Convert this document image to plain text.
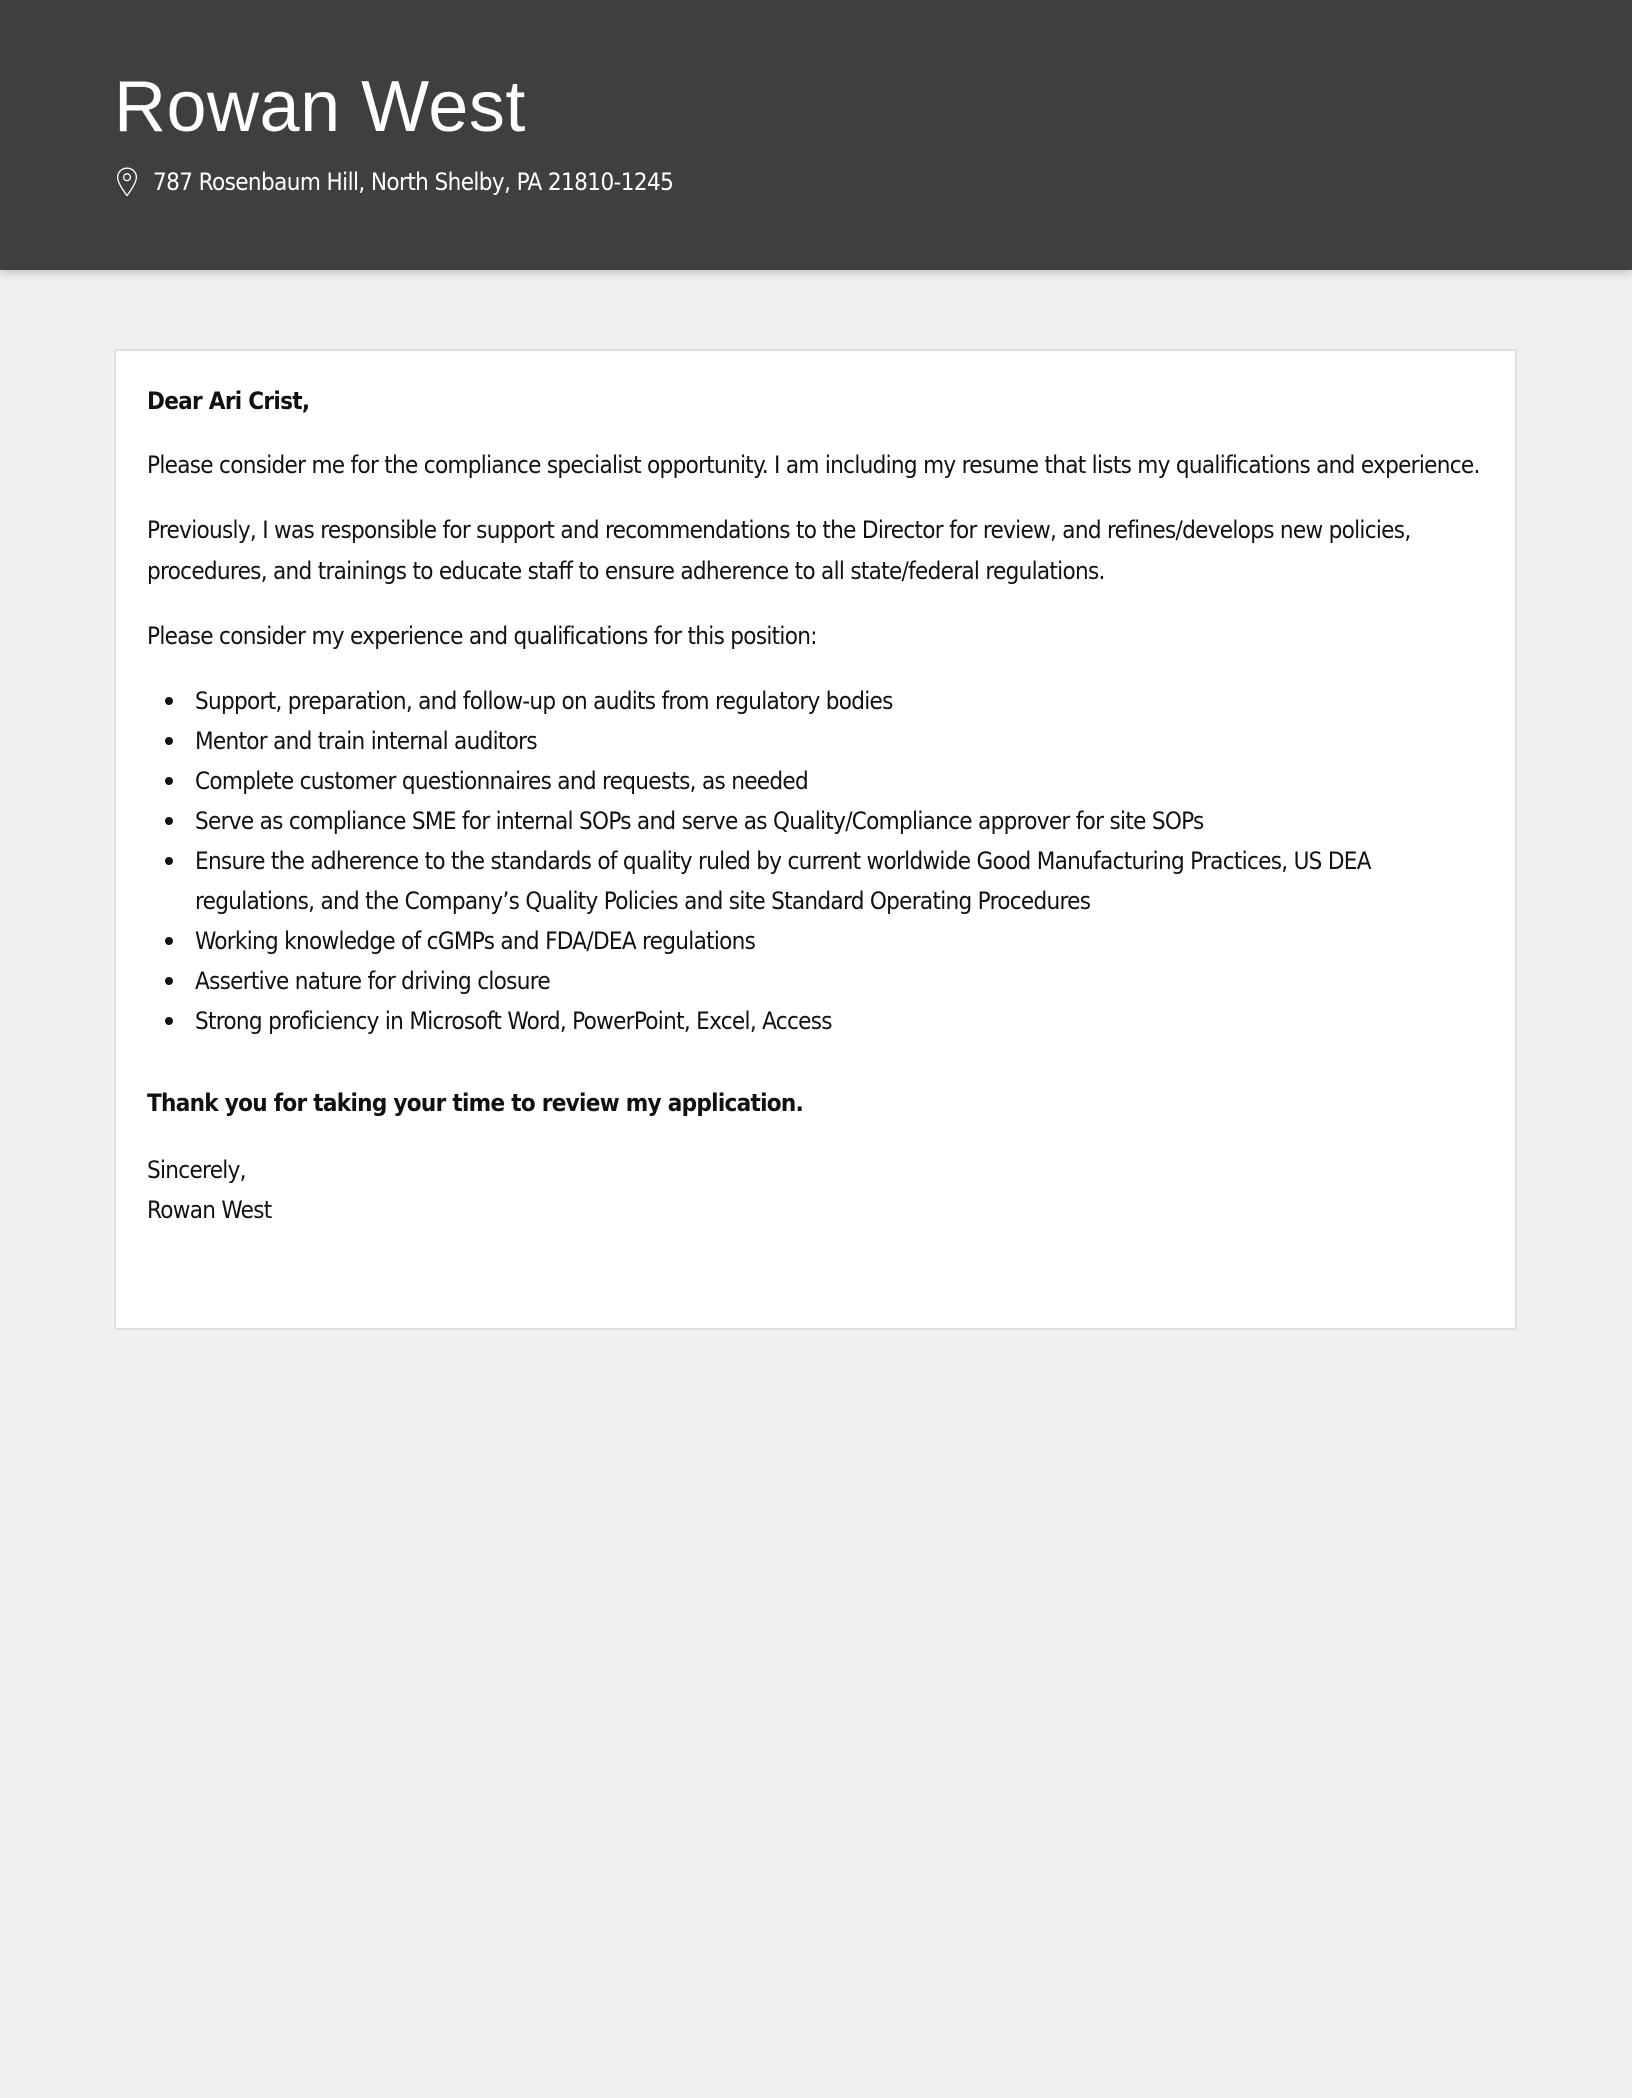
Rowan West
787 Rosenbaum Hill, North Shelby, PA 21810-1245

Dear Ari Crist,

Please consider me for the compliance specialist opportunity. I am including my resume that lists my qualifications and experience.

Previously, I was responsible for support and recommendations to the Director for review, and refines/develops new policies, procedures, and trainings to educate staff to ensure adherence to all state/federal regulations.

Please consider my experience and qualifications for this position:

Support, preparation, and follow-up on audits from regulatory bodies
Mentor and train internal auditors
Complete customer questionnaires and requests, as needed
Serve as compliance SME for internal SOPs and serve as Quality/Compliance approver for site SOPs
Ensure the adherence to the standards of quality ruled by current worldwide Good Manufacturing Practices, US DEA regulations, and the Company’s Quality Policies and site Standard Operating Procedures
Working knowledge of cGMPs and FDA/DEA regulations
Assertive nature for driving closure
Strong proficiency in Microsoft Word, PowerPoint, Excel, Access

Thank you for taking your time to review my application.

Sincerely,
Rowan West
